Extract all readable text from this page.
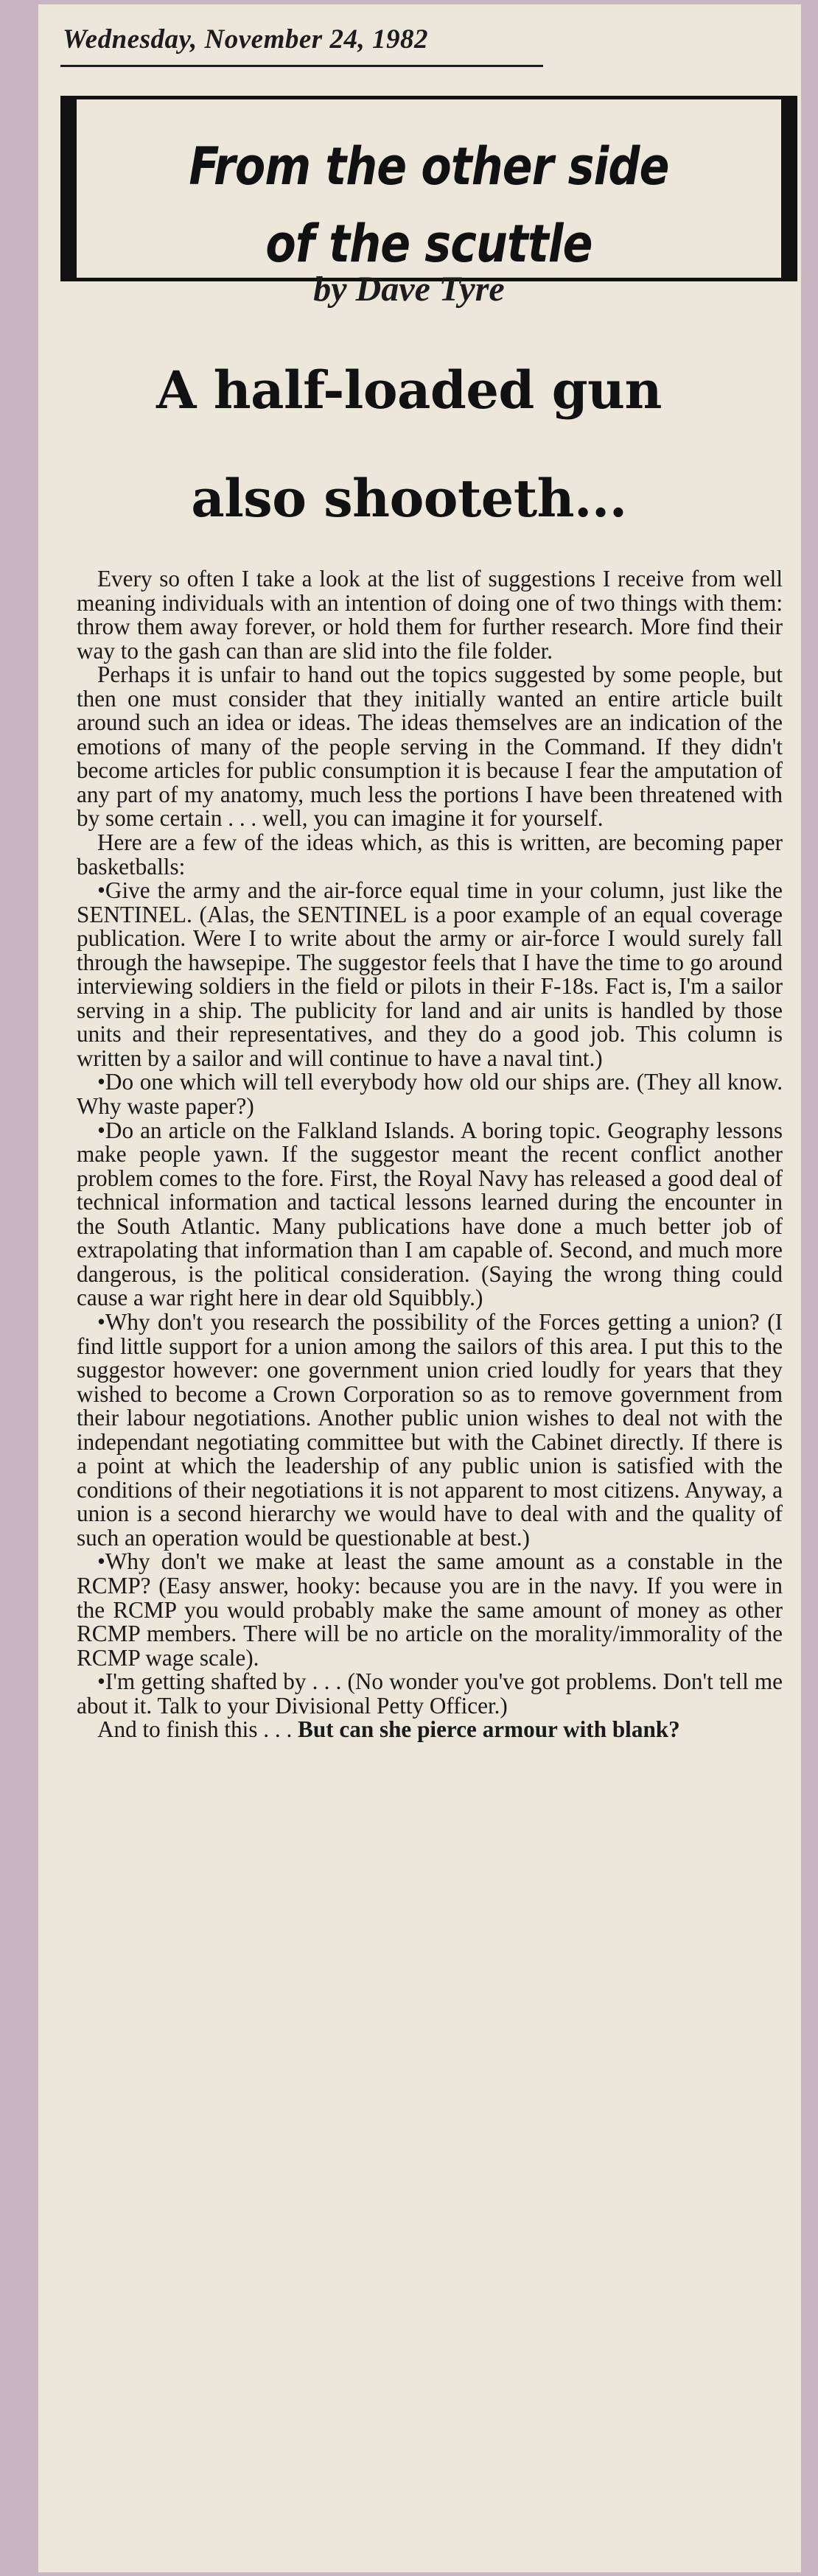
Wednesday, November 24, 1982
From the other side
of the scuttle
by Dave Tyre
A half-loaded gun
also shooteth...

Every so often I take a look at the list of suggestions I receive from well meaning individuals with an intention of doing one of two things with them: throw them away forever, or hold them for further research. More find their way to the gash can than are slid into the file folder.

Perhaps it is unfair to hand out the topics suggested by some people, but then one must consider that they initially wanted an entire article built around such an idea or ideas. The ideas themselves are an indication of the emotions of many of the people serving in the Command. If they didn't become articles for public consumption it is because I fear the amputation of any part of my anatomy, much less the portions I have been threatened with by some certain . . . well, you can imagine it for yourself.

Here are a few of the ideas which, as this is written, are becoming paper basketballs:

• Give the army and the air-force equal time in your column, just like the SENTINEL. (Alas, the SENTINEL is a poor example of an equal coverage publication. Were I to write about the army or air-force I would surely fall through the hawsepipe. The suggestor feels that I have the time to go around interviewing soldiers in the field or pilots in their F-18s. Fact is, I'm a sailor serving in a ship. The publicity for land and air units is handled by those units and their representatives, and they do a good job. This column is written by a sailor and will continue to have a naval tint.)

• Do one which will tell everybody how old our ships are. (They all know. Why waste paper?)

• Do an article on the Falkland Islands. A boring topic. Geography lessons make people yawn. If the suggestor meant the recent conflict another problem comes to the fore. First, the Royal Navy has released a good deal of technical information and tactical lessons learned during the encounter in the South Atlantic. Many publications have done a much better job of extrapolating that information than I am capable of. Second, and much more dangerous, is the political consideration. (Saying the wrong thing could cause a war right here in dear old Squibbly.)

• Why don't you research the possibility of the Forces getting a union? (I find little support for a union among the sailors of this area. I put this to the suggestor however: one government union cried loudly for years that they wished to become a Crown Corporation so as to remove government from their labour negotiations. Another public union wishes to deal not with the independant negotiating committee but with the Cabinet directly. If there is a point at which the leadership of any public union is satisfied with the conditions of their negotiations it is not apparent to most citizens. Anyway, a union is a second hierarchy we would have to deal with and the quality of such an operation would be questionable at best.)

• Why don't we make at least the same amount as a constable in the RCMP? (Easy answer, hooky: because you are in the navy. If you were in the RCMP you would probably make the same amount of money as other RCMP members. There will be no article on the morality/immorality of the RCMP wage scale).

• I'm getting shafted by . . . (No wonder you've got problems. Don't tell me about it. Talk to your Divisional Petty Officer.)

And to finish this . . . But can she pierce armour with blank?
